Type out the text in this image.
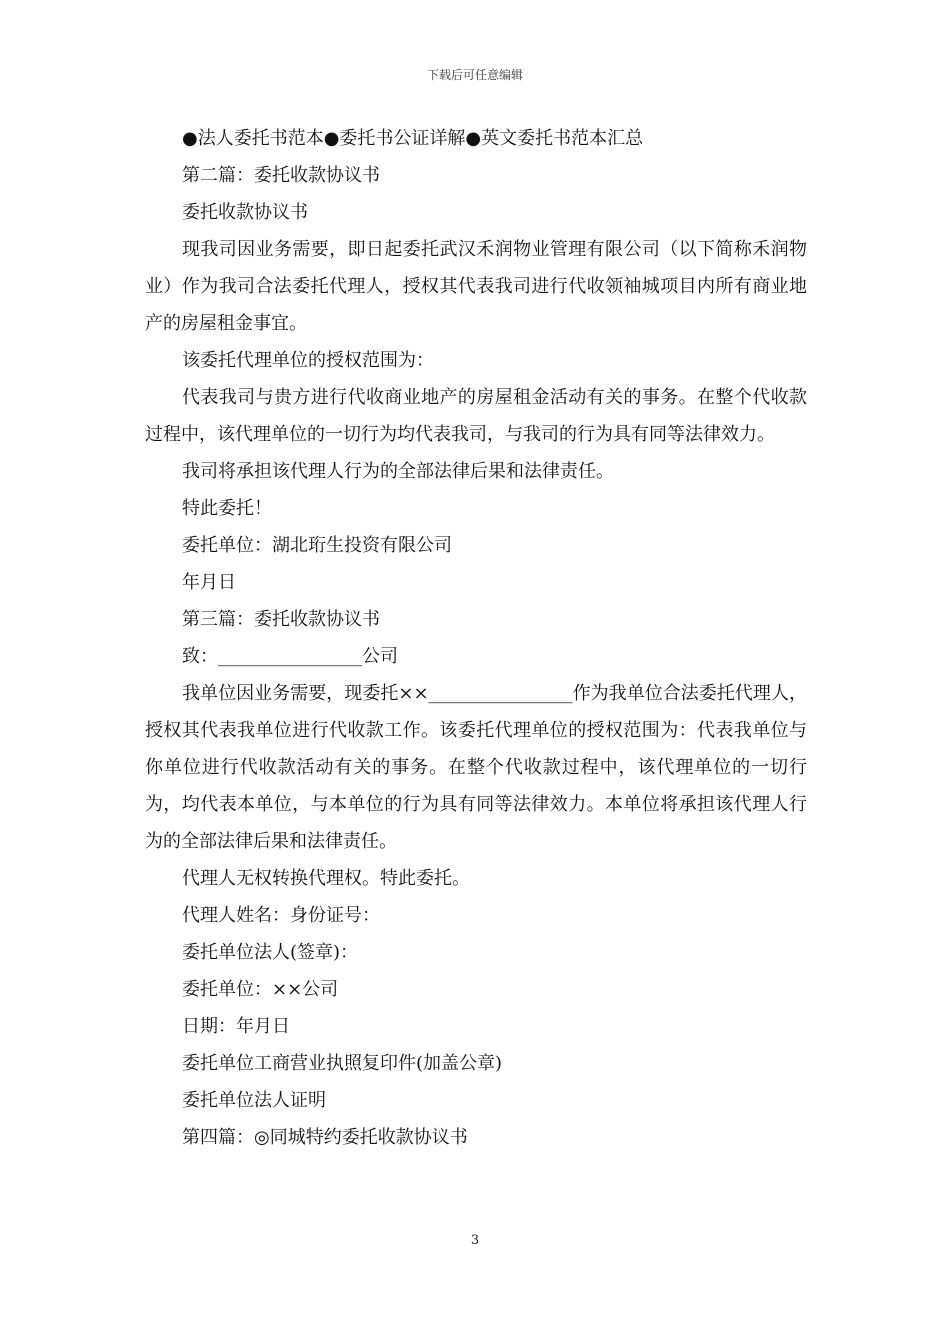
下载后可任意编辑

●法人委托书范本●委托书公证详解●英文委托书范本汇总

第二篇：委托收款协议书

委托收款协议书

现我司因业务需要，即日起委托武汉禾润物业管理有限公司（以下简称禾润物业）作为我司合法委托代理人，授权其代表我司进行代收领袖城项目内所有商业地产的房屋租金事宜。

该委托代理单位的授权范围为：

代表我司与贵方进行代收商业地产的房屋租金活动有关的事务。在整个代收款过程中，该代理单位的一切行为均代表我司，与我司的行为具有同等法律效力。

我司将承担该代理人行为的全部法律后果和法律责任。

特此委托！

委托单位：湖北珩生投资有限公司

年月日

第三篇：委托收款协议书

致：________________公司

我单位因业务需要，现委托××________________作为我单位合法委托代理人，授权其代表我单位进行代收款工作。该委托代理单位的授权范围为：代表我单位与你单位进行代收款活动有关的事务。在整个代收款过程中，该代理单位的一切行为，均代表本单位，与本单位的行为具有同等法律效力。本单位将承担该代理人行为的全部法律后果和法律责任。

代理人无权转换代理权。特此委托。

代理人姓名：身份证号：

委托单位法人(签章)：

委托单位：××公司

日期：年月日

委托单位工商营业执照复印件(加盖公章)

委托单位法人证明

第四篇：◎同城特约委托收款协议书

3
